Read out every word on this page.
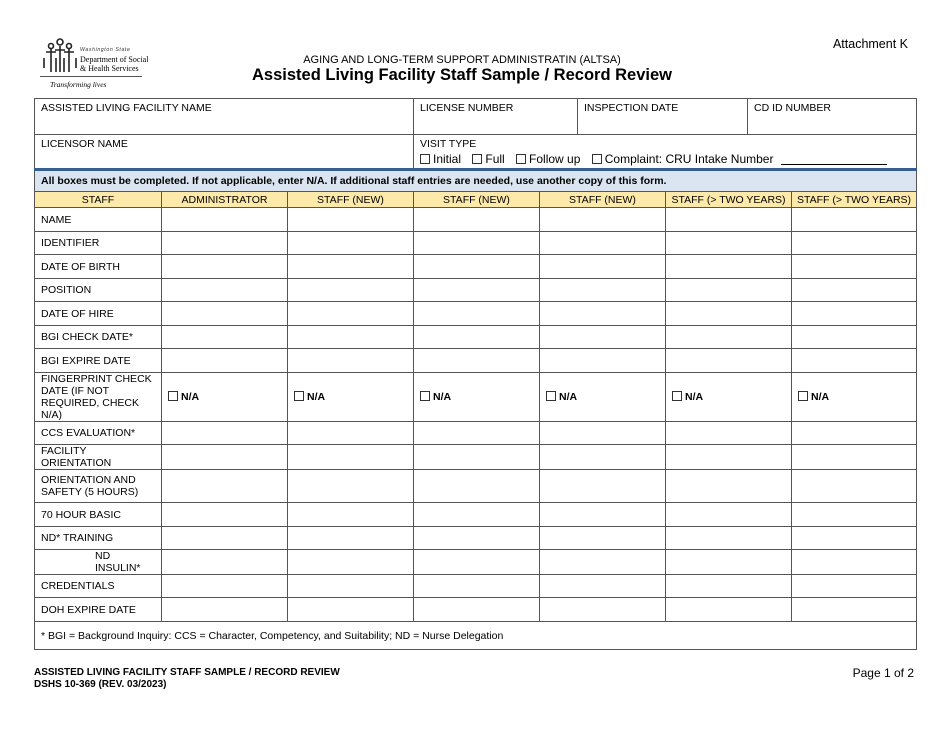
Washington State
Department of Social
& Health Services
Transforming lives
Attachment K
AGING AND LONG-TERM SUPPORT ADMINISTRATIN (ALTSA)
Assisted Living Facility Staff Sample / Record Review
ASSISTED LIVING FACILITY NAME	LICENSE NUMBER	INSPECTION DATE	CD ID NUMBER
LICENSOR NAME	VISIT TYPE
Initial Full Follow up Complaint: CRU Intake Number		
All boxes must be completed. If not applicable, enter N/A. If additional staff entries are needed, use another copy of this form.						
STAFF	ADMINISTRATOR	STAFF (NEW)	STAFF (NEW)	STAFF (NEW)	STAFF (> TWO YEARS)	STAFF (> TWO YEARS)
NAME						
IDENTIFIER						
DATE OF BIRTH						
POSITION						
DATE OF HIRE						
BGI CHECK DATE*						
BGI EXPIRE DATE						
FINGERPRINT CHECK DATE (IF NOT REQUIRED, CHECK N/A)	N/A	N/A	N/A	N/A	N/A	N/A
CCS EVALUATION*						
FACILITY ORIENTATION						
ORIENTATION AND SAFETY (5 HOURS)						
70 HOUR BASIC						
ND* TRAINING						
ND INSULIN*						
CREDENTIALS						
DOH EXPIRE DATE						
* BGI = Background Inquiry: CCS = Character, Competency, and Suitability; ND = Nurse Delegation						
ASSISTED LIVING FACILITY STAFF SAMPLE / RECORD REVIEW
DSHS 10-369 (REV. 03/2023)
Page 1 of 2
